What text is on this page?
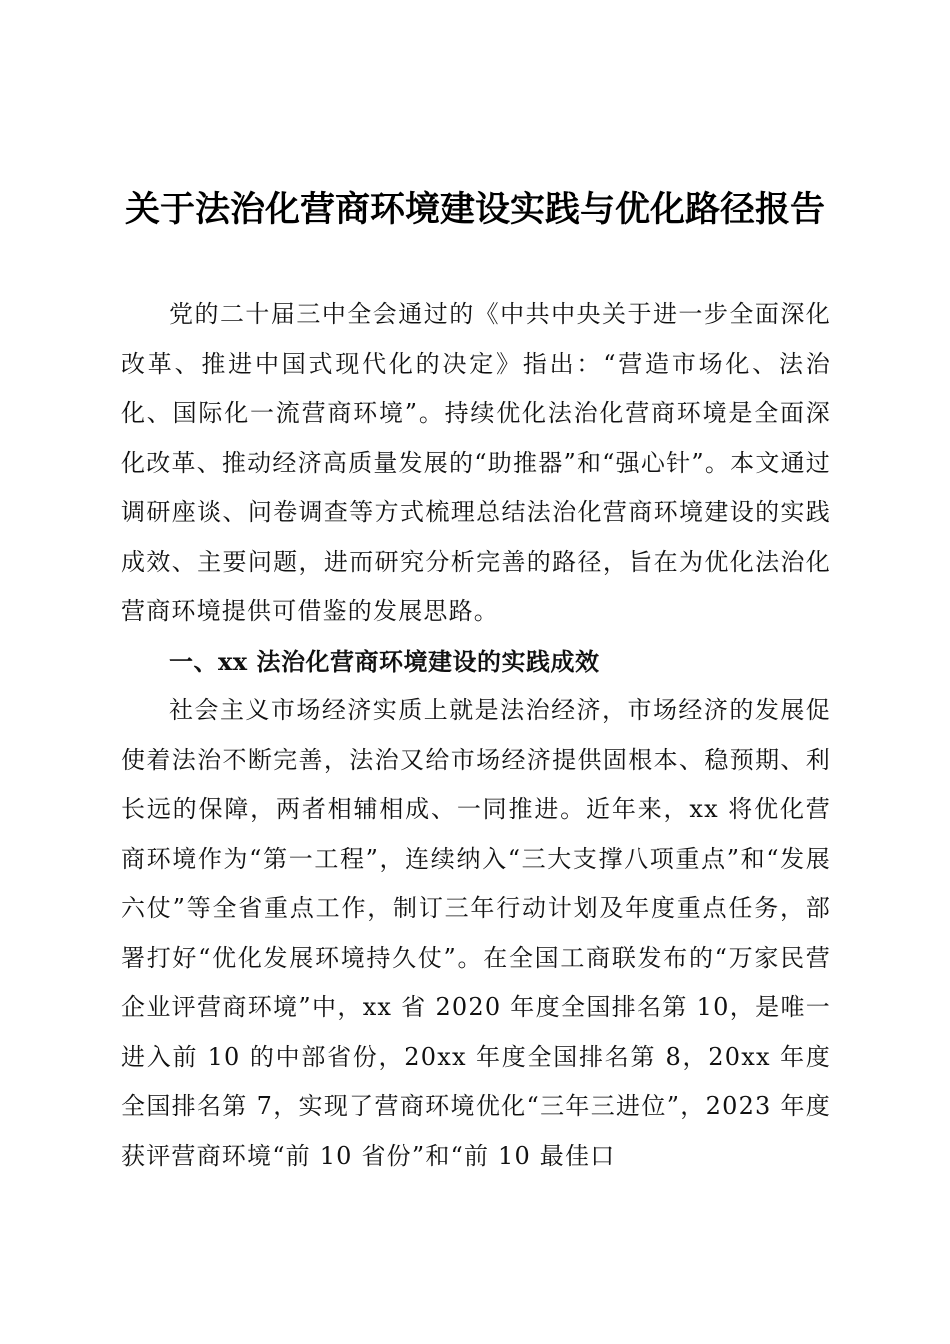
关于法治化营商环境建设实践与优化路径报告

党的二十届三中全会通过的《中共中央关于进一步全面深化改革、推进中国式现代化的决定》指出：“营造市场化、法治化、国际化一流营商环境”。持续优化法治化营商环境是全面深化改革、推动经济高质量发展的“助推器”和“强心针”。本文通过调研座谈、问卷调查等方式梳理总结法治化营商环境建设的实践成效、主要问题，进而研究分析完善的路径，旨在为优化法治化营商环境提供可借鉴的发展思路。

一、xx 法治化营商环境建设的实践成效

社会主义市场经济实质上就是法治经济，市场经济的发展促使着法治不断完善，法治又给市场经济提供固根本、稳预期、利长远的保障，两者相辅相成、一同推进。近年来，xx 将优化营商环境作为“第一工程”，连续纳入“三大支撑八项重点”和“发展六仗”等全省重点工作，制订三年行动计划及年度重点任务，部署打好“优化发展环境持久仗”。在全国工商联发布的“万家民营企业评营商环境”中，xx 省 2020 年度全国排名第 10，是唯一进入前 10 的中部省份，20xx 年度全国排名第 8，20xx 年度全国排名第 7，实现了营商环境优化“三年三进位”，2023 年度获评营商环境“前 10 省份”和“前 10 最佳口
